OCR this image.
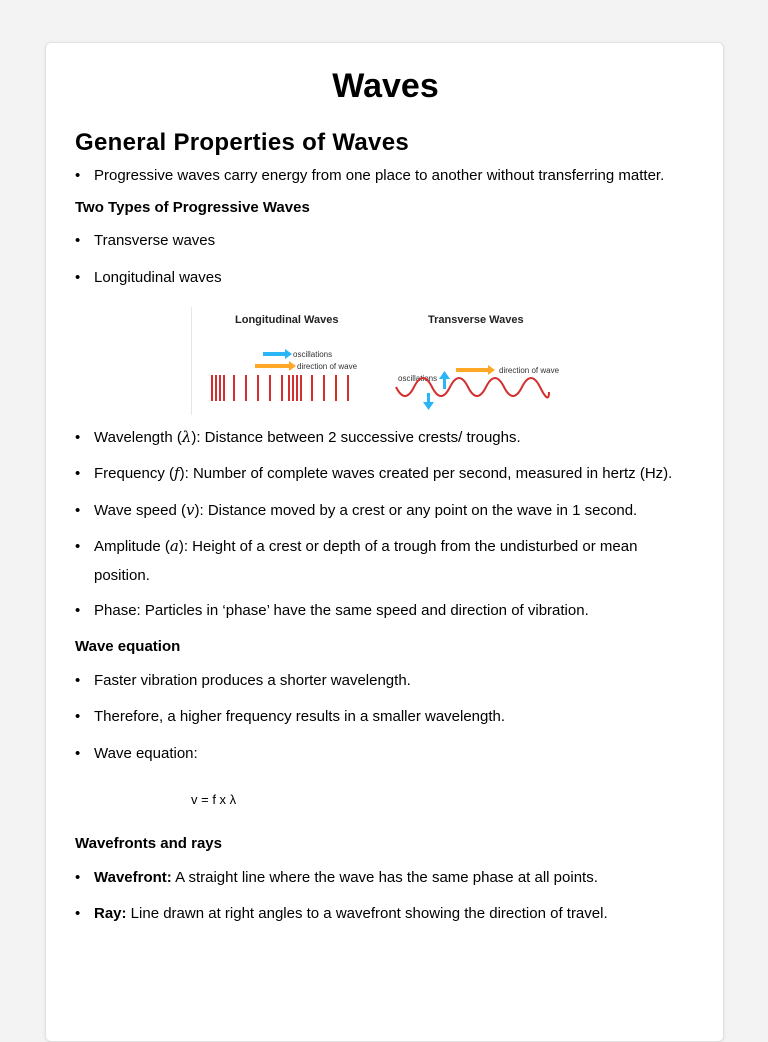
Waves
General Properties of Waves
• Progressive waves carry energy from one place to another without transferring matter.
Two Types of Progressive Waves
• Transverse waves
• Longitudinal waves
Longitudinal Waves	Transverse Waves
oscillations
direction of wave	direction of wave
oscillations
• Wavelength (λ): Distance between 2 successive crests/ troughs.
• Frequency (f): Number of complete waves created per second, measured in hertz (Hz).
• Wave speed (v): Distance moved by a crest or any point on the wave in 1 second.
• Amplitude (a): Height of a crest or depth of a trough from the undisturbed or mean
position.
• Phase: Particles in ‘phase’ have the same speed and direction of vibration.
Wave equation
• Faster vibration produces a shorter wavelength.
• Therefore, a higher frequency results in a smaller wavelength.
• Wave equation:
v = f x λ
Wavefronts and rays
• Wavefront: A straight line where the wave has the same phase at all points.
• Ray: Line drawn at right angles to a wavefront showing the direction of travel.
